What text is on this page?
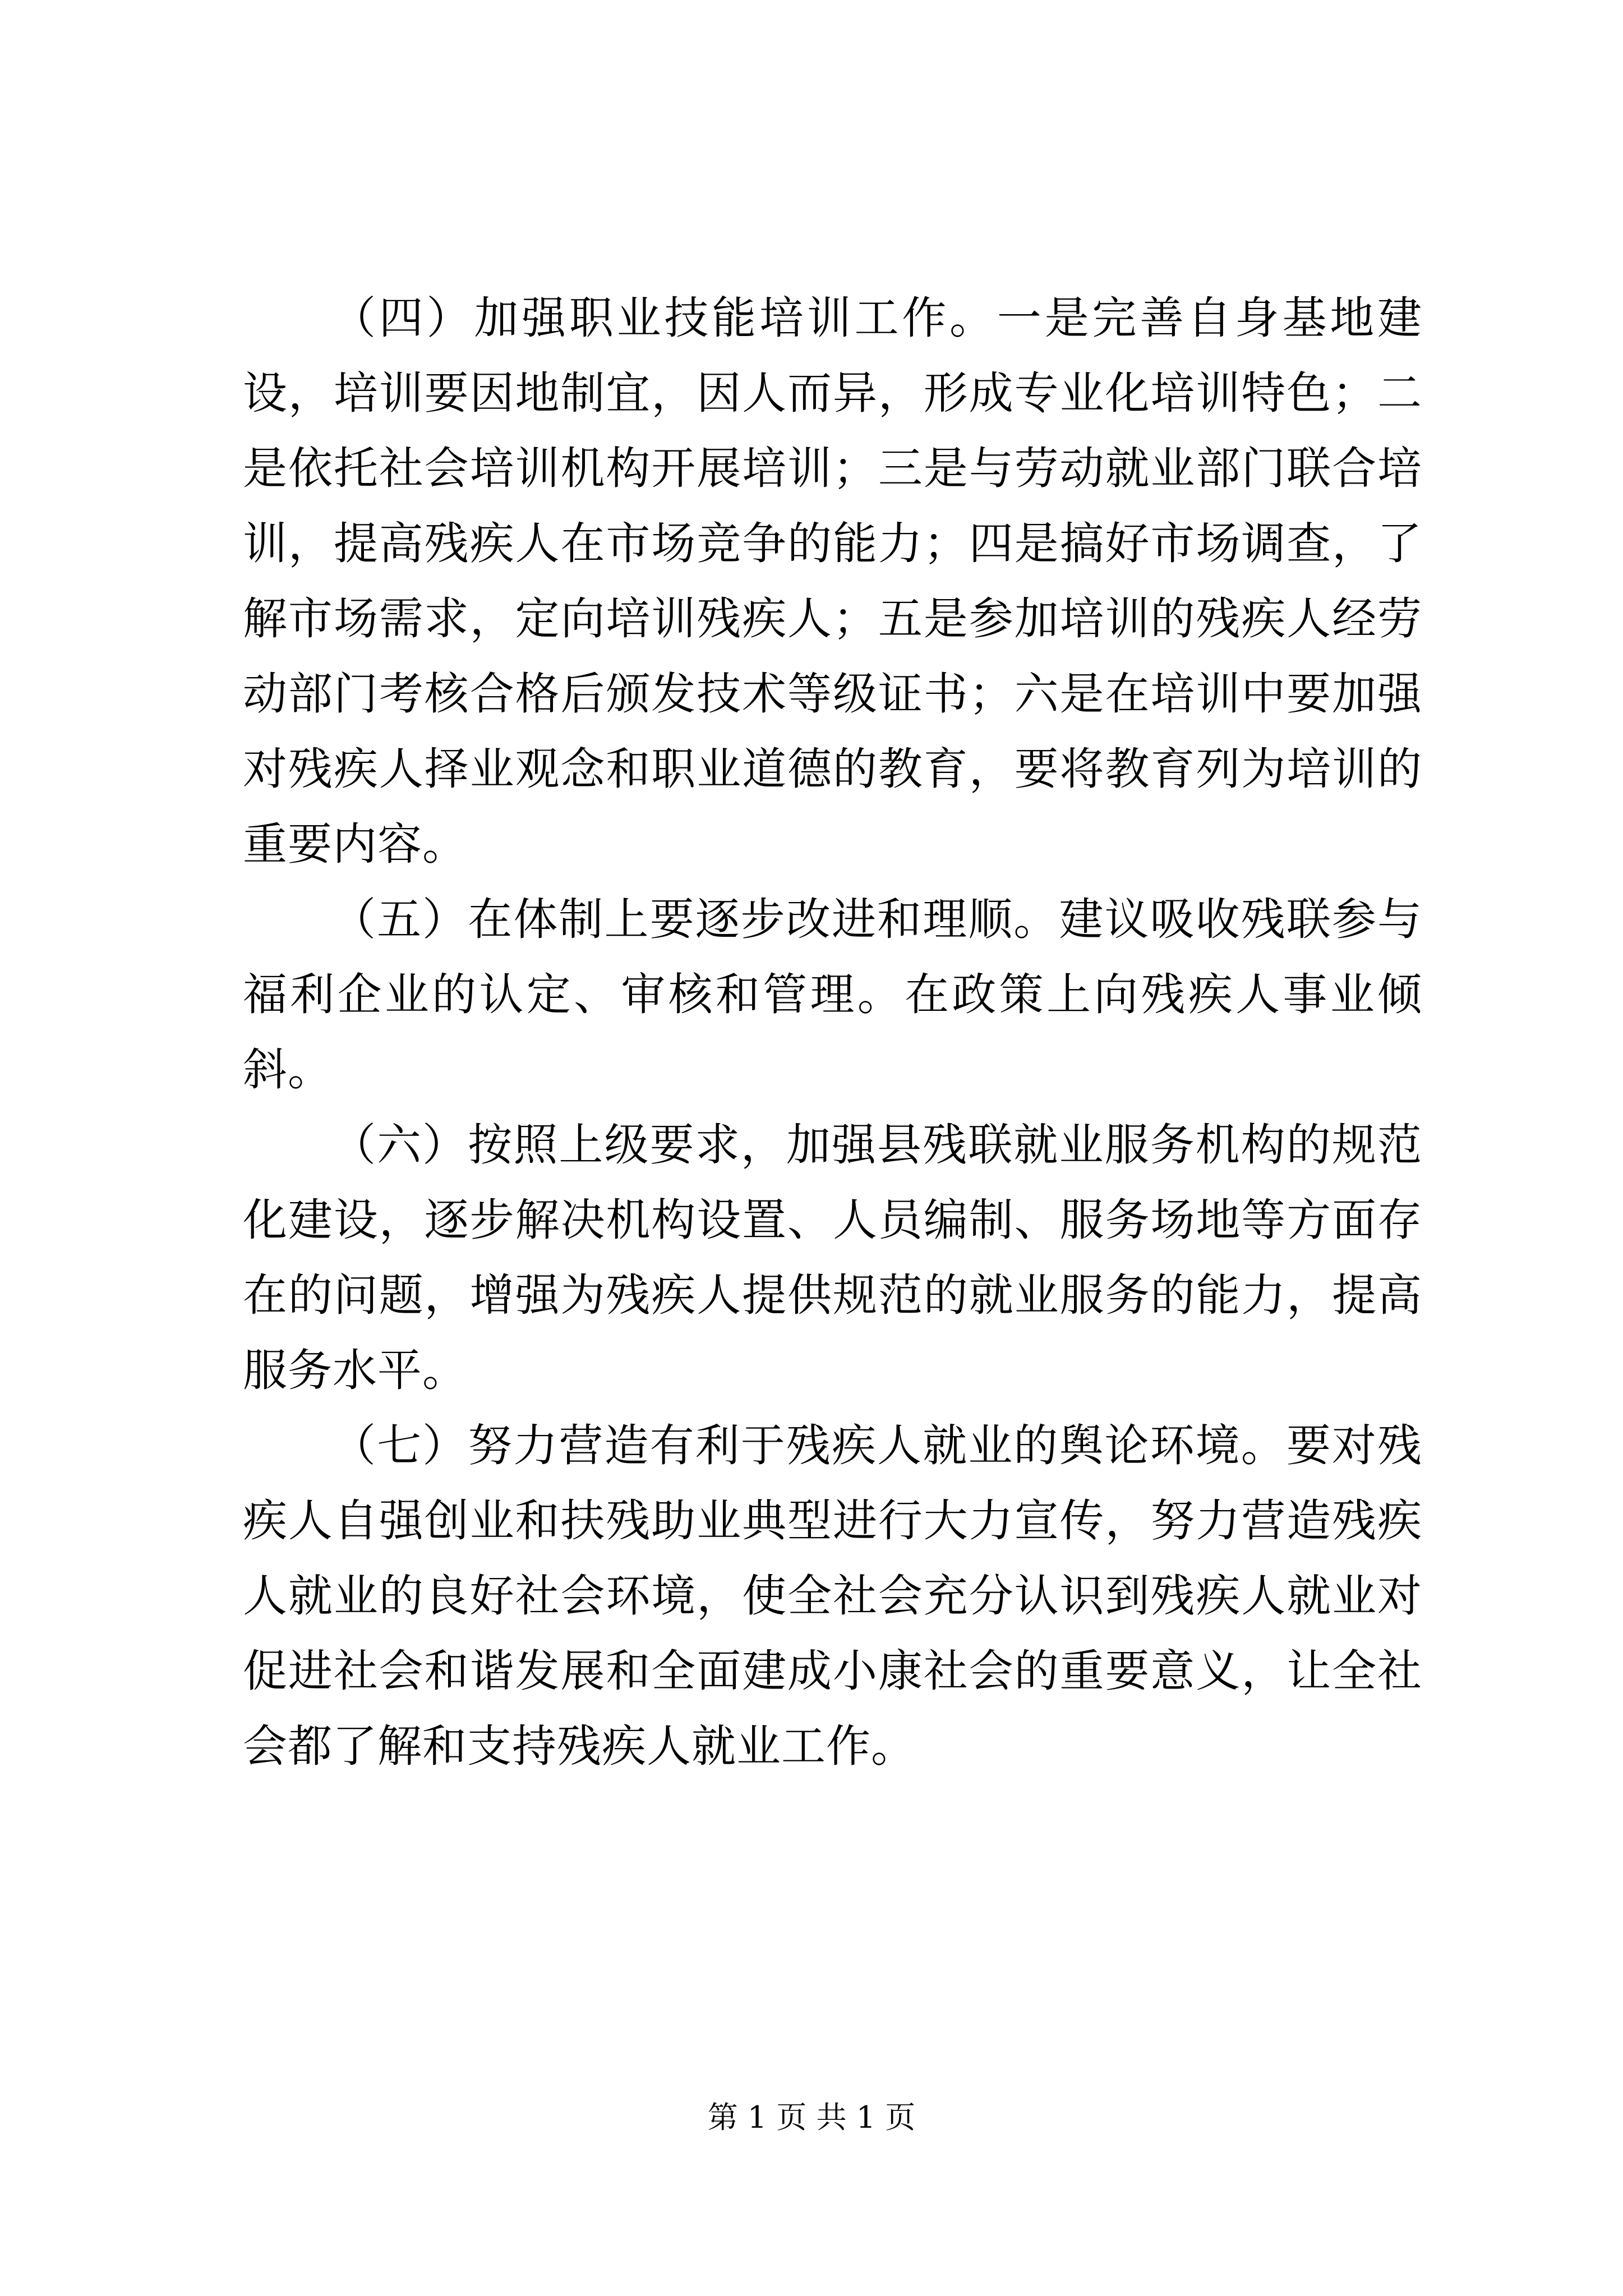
（四）加强职业技能培训工作。一是完善自身基地建设，培训要因地制宜，因人而异，形成专业化培训特色；二是依托社会培训机构开展培训；三是与劳动就业部门联合培训，提高残疾人在市场竞争的能力；四是搞好市场调查，了解市场需求，定向培训残疾人；五是参加培训的残疾人经劳动部门考核合格后颁发技术等级证书；六是在培训中要加强对残疾人择业观念和职业道德的教育，要将教育列为培训的重要内容。

（五）在体制上要逐步改进和理顺。建议吸收残联参与福利企业的认定、审核和管理。在政策上向残疾人事业倾斜。

（六）按照上级要求，加强县残联就业服务机构的规范化建设，逐步解决机构设置、人员编制、服务场地等方面存在的问题，增强为残疾人提供规范的就业服务的能力，提高服务水平。

（七）努力营造有利于残疾人就业的舆论环境。要对残疾人自强创业和扶残助业典型进行大力宣传，努力营造残疾人就业的良好社会环境，使全社会充分认识到残疾人就业对促进社会和谐发展和全面建成小康社会的重要意义，让全社会都了解和支持残疾人就业工作。

第 1 页 共 1 页
